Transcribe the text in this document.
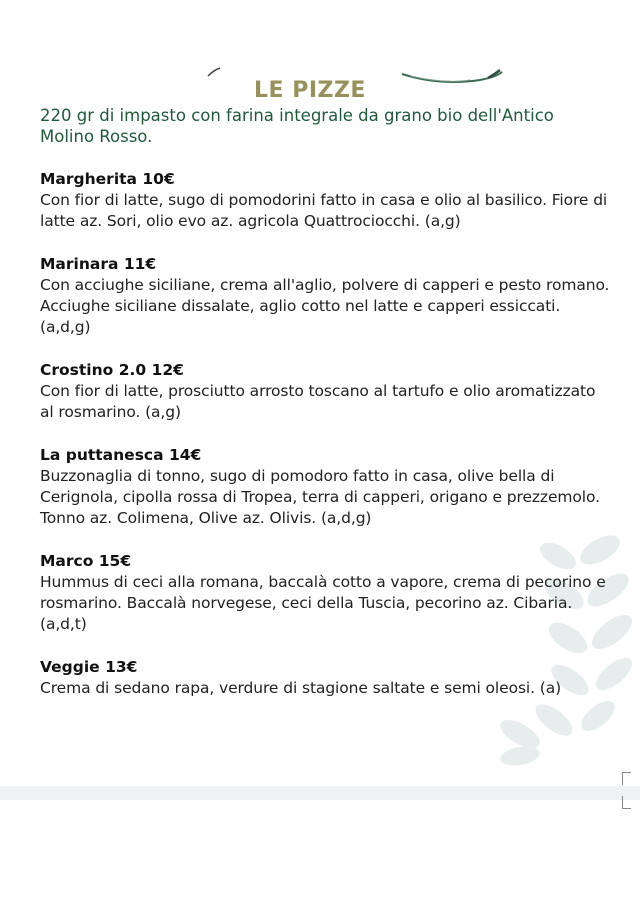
LE PIZZE
220 gr di impasto con farina integrale da grano bio dell'Antico Molino Rosso.
Margherita 10€
Con fior di latte, sugo di pomodorini fatto in casa e olio al basilico. Fiore di latte az. Sori, olio evo az. agricola Quattrociocchi. (a,g)
Marinara 11€
Con acciughe siciliane, crema all'aglio, polvere di capperi e pesto romano. Acciughe siciliane dissalate, aglio cotto nel latte e capperi essiccati. (a,d,g)
Crostino 2.0 12€
Con fior di latte, prosciutto arrosto toscano al tartufo e olio aromatizzato al rosmarino. (a,g)
La puttanesca 14€
Buzzonaglia di tonno, sugo di pomodoro fatto in casa, olive bella di Cerignola, cipolla rossa di Tropea, terra di capperi, origano e prezzemolo. Tonno az. Colimena, Olive az. Olivis. (a,d,g)
Marco 15€
Hummus di ceci alla romana, baccalà cotto a vapore, crema di pecorino e rosmarino. Baccalà norvegese, ceci della Tuscia, pecorino az. Cibaria. (a,d,t)
Veggie 13€
Crema di sedano rapa, verdure di stagione saltate e semi oleosi. (a)
